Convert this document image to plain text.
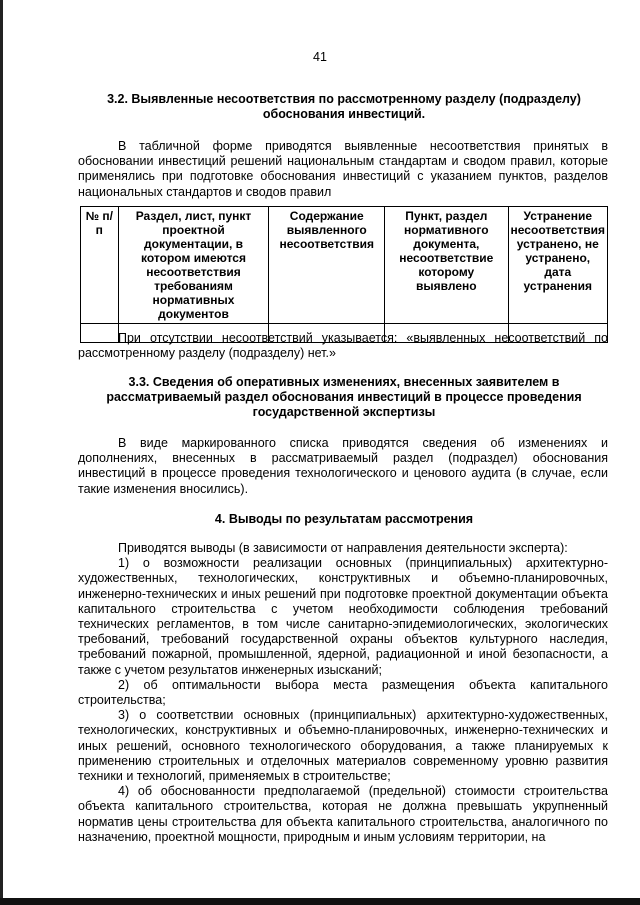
41
3.2. Выявленные несоответствия по рассмотренному разделу (подразделу) обоснования инвестиций.

В табличной форме приводятся выявленные несоответствия принятых в обосновании инвестиций решений национальным стандартам и сводом правил, которые применялись при подготовке обоснования инвестиций с указанием пунктов, разделов национальных стандартов и сводов правил

№ п/п	Раздел, лист, пункт проектной документации, в котором имеются несоответствия требованиям нормативных документов	Содержание выявленного несоответствия	Пункт, раздел нормативного документа, несоответствие которому выявлено	Устранение несоответствия устранено, не устранено, дата устранения

При отсутствии несоответствий указывается: «выявленных несоответствий по рассмотренному разделу (подразделу) нет.»

3.3. Сведения об оперативных изменениях, внесенных заявителем в рассматриваемый раздел обоснования инвестиций в процессе проведения государственной экспертизы

В виде маркированного списка приводятся сведения об изменениях и дополнениях, внесенных в рассматриваемый раздел (подраздел) обоснования инвестиций в процессе проведения технологического и ценового аудита (в случае, если такие изменения вносились).

4. Выводы по результатам рассмотрения

Приводятся выводы (в зависимости от направления деятельности эксперта):

1) о возможности реализации основных (принципиальных) архитектурно-художественных, технологических, конструктивных и объемно-планировочных, инженерно-технических и иных решений при подготовке проектной документации объекта капитального строительства с учетом необходимости соблюдения требований технических регламентов, в том числе санитарно-эпидемиологических, экологических требований, требований государственной охраны объектов культурного наследия, требований пожарной, промышленной, ядерной, радиационной и иной безопасности, а также с учетом результатов инженерных изысканий;

2) об оптимальности выбора места размещения объекта капитального строительства;

3) о соответствии основных (принципиальных) архитектурно-художественных, технологических, конструктивных и объемно-планировочных, инженерно-технических и иных решений, основного технологического оборудования, а также планируемых к применению строительных и отделочных материалов современному уровню развития техники и технологий, применяемых в строительстве;

4) об обоснованности предполагаемой (предельной) стоимости строительства объекта капитального строительства, которая не должна превышать укрупненный норматив цены строительства для объекта капитального строительства, аналогичного по назначению, проектной мощности, природным и иным условиям территории, на
